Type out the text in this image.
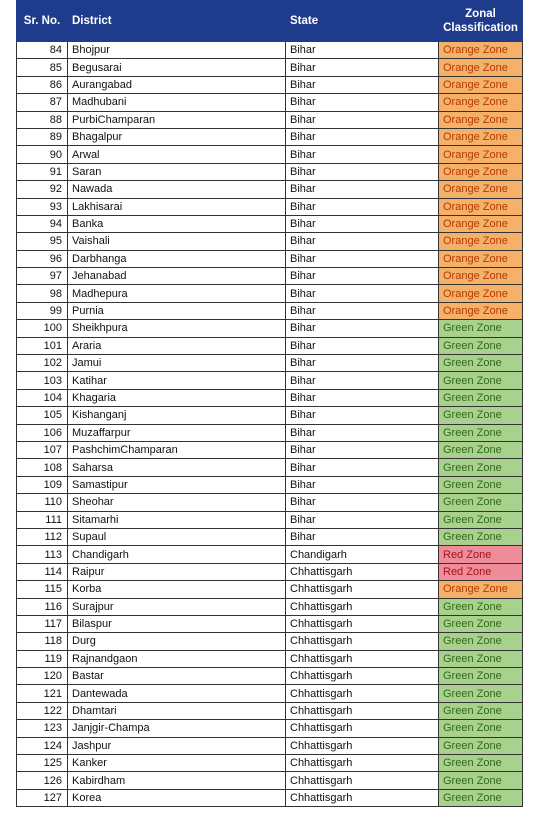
Sr. No.	District	State	Zonal
Classification
84	Bhojpur	Bihar	Orange Zone

85	Begusarai	Bihar	Orange Zone

86	Aurangabad	Bihar	Orange Zone

87	Madhubani	Bihar	Orange Zone

88	PurbiChamparan	Bihar	Orange Zone

89	Bhagalpur	Bihar	Orange Zone

90	Arwal	Bihar	Orange Zone

91	Saran	Bihar	Orange Zone

92	Nawada	Bihar	Orange Zone

93	Lakhisarai	Bihar	Orange Zone

94	Banka	Bihar	Orange Zone

95	Vaishali	Bihar	Orange Zone

96	Darbhanga	Bihar	Orange Zone

97	Jehanabad	Bihar	Orange Zone

98	Madhepura	Bihar	Orange Zone

99	Purnia	Bihar	Orange Zone

100	Sheikhpura	Bihar	Green Zone

101	Araria	Bihar	Green Zone

102	Jamui	Bihar	Green Zone

103	Katihar	Bihar	Green Zone

104	Khagaria	Bihar	Green Zone

105	Kishanganj	Bihar	Green Zone

106	Muzaffarpur	Bihar	Green Zone

107	PashchimChamparan	Bihar	Green Zone

108	Saharsa	Bihar	Green Zone

109	Samastipur	Bihar	Green Zone

110	Sheohar	Bihar	Green Zone

111	Sitamarhi	Bihar	Green Zone

112	Supaul	Bihar	Green Zone

113	Chandigarh	Chandigarh	Red Zone

114	Raipur	Chhattisgarh	Red Zone

115	Korba	Chhattisgarh	Orange Zone

116	Surajpur	Chhattisgarh	Green Zone

117	Bilaspur	Chhattisgarh	Green Zone

118	Durg	Chhattisgarh	Green Zone

119	Rajnandgaon	Chhattisgarh	Green Zone

120	Bastar	Chhattisgarh	Green Zone

121	Dantewada	Chhattisgarh	Green Zone

122	Dhamtari	Chhattisgarh	Green Zone

123	Janjgir-Champa	Chhattisgarh	Green Zone

124	Jashpur	Chhattisgarh	Green Zone

125	Kanker	Chhattisgarh	Green Zone

126	Kabirdham	Chhattisgarh	Green Zone

127	Korea	Chhattisgarh	Green Zone
